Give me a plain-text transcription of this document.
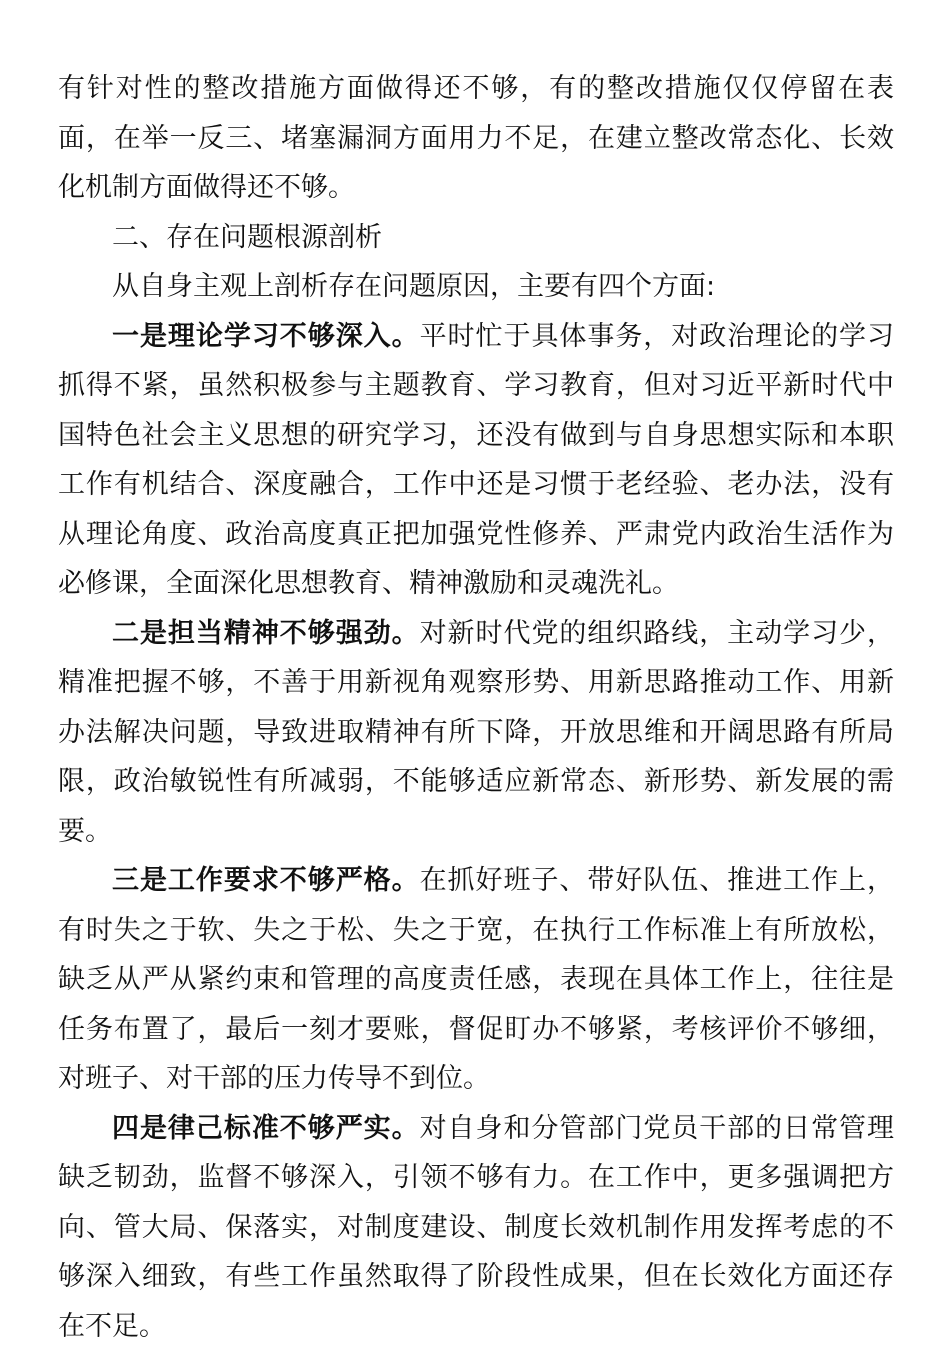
有针对性的整改措施方面做得还不够，有的整改措施仅仅停留在表面，在举一反三、堵塞漏洞方面用力不足，在建立整改常态化、长效化机制方面做得还不够。

二、存在问题根源剖析

从自身主观上剖析存在问题原因，主要有四个方面:

一是理论学习不够深入。平时忙于具体事务，对政治理论的学习抓得不紧，虽然积极参与主题教育、学习教育，但对习近平新时代中国特色社会主义思想的研究学习，还没有做到与自身思想实际和本职工作有机结合、深度融合，工作中还是习惯于老经验、老办法，没有从理论角度、政治高度真正把加强党性修养、严肃党内政治生活作为必修课，全面深化思想教育、精神激励和灵魂洗礼。

二是担当精神不够强劲。对新时代党的组织路线，主动学习少，精准把握不够，不善于用新视角观察形势、用新思路推动工作、用新办法解决问题，导致进取精神有所下降，开放思维和开阔思路有所局限，政治敏锐性有所减弱，不能够适应新常态、新形势、新发展的需要。

三是工作要求不够严格。在抓好班子、带好队伍、推进工作上，有时失之于软、失之于松、失之于宽，在执行工作标准上有所放松，缺乏从严从紧约束和管理的高度责任感，表现在具体工作上，往往是任务布置了，最后一刻才要账，督促盯办不够紧，考核评价不够细，对班子、对干部的压力传导不到位。

四是律己标准不够严实。对自身和分管部门党员干部的日常管理缺乏韧劲，监督不够深入，引领不够有力。在工作中，更多强调把方向、管大局、保落实，对制度建设、制度长效机制作用发挥考虑的不够深入细致，有些工作虽然取得了阶段性成果，但在长效化方面还存在不足。
